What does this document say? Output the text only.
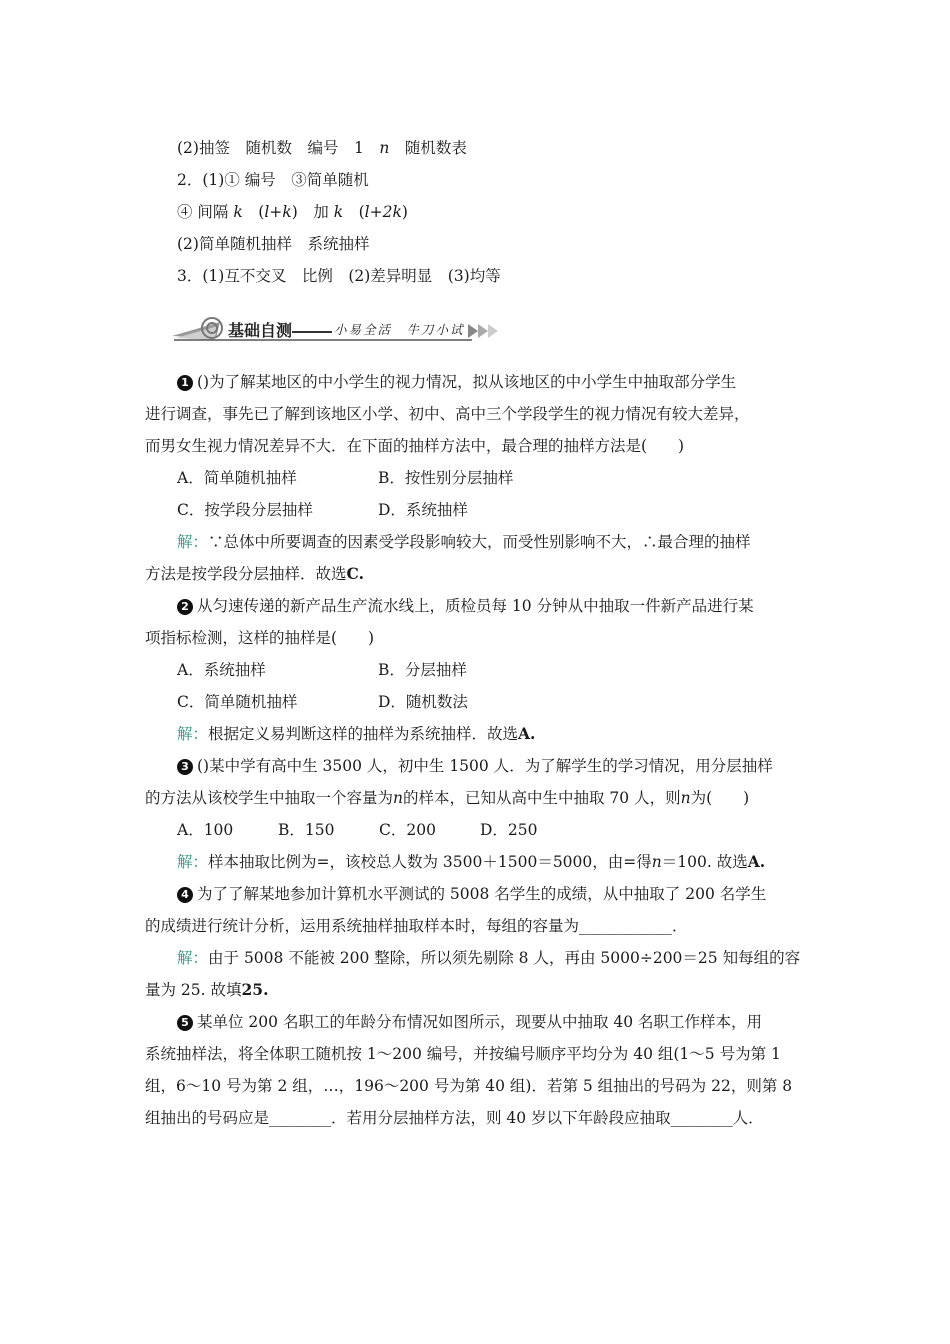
(2)抽签　随机数　编号　1　n　随机数表
2．(1)① 编号　③简单随机
④ 间隔 k　(l+k)　加 k　(l+2k)
(2)简单随机抽样　系统抽样
3．(1)互不交叉　比例　(2)差异明显　(3)均等
基础自测	小易全活　牛刀小试
1 ()为了解某地区的中小学生的视力情况，拟从该地区的中小学生中抽取部分学生
进行调查，事先已了解到该地区小学、初中、高中三个学段学生的视力情况有较大差异，
而男女生视力情况差异不大．在下面的抽样方法中，最合理的抽样方法是(　　)
A．简单随机抽样	B．按性别分层抽样
C．按学段分层抽样	D．系统抽样
解：∵总体中所要调查的因素受学段影响较大，而受性别影响不大，∴最合理的抽样
方法是按学段分层抽样．故选C.
2 从匀速传递的新产品生产流水线上，质检员每 10 分钟从中抽取一件新产品进行某
项指标检测，这样的抽样是(　　)
A．系统抽样	B．分层抽样
C．简单随机抽样	D．随机数法
解：根据定义易判断这样的抽样为系统抽样．故选A.
3 ()某中学有高中生 3500 人，初中生 1500 人．为了解学生的学习情况，用分层抽样
的方法从该校学生中抽取一个容量为n的样本，已知从高中生中抽取 70 人，则n为(　　)
A．100	B．150	C．200	D．250
解：样本抽取比例为=，该校总人数为 3500＋1500＝5000，由=得n＝100. 故选A.
4 为了了解某地参加计算机水平测试的 5008 名学生的成绩，从中抽取了 200 名学生
的成绩进行统计分析，运用系统抽样抽取样本时，每组的容量为____________．
解：由于 5008 不能被 200 整除，所以须先剔除 8 人，再由 5000÷200＝25 知每组的容
量为 25. 故填25.
5 某单位 200 名职工的年龄分布情况如图所示，现要从中抽取 40 名职工作样本，用
系统抽样法，将全体职工随机按 1～200 编号，并按编号顺序平均分为 40 组(1～5 号为第 1
组，6～10 号为第 2 组，…，196～200 号为第 40 组)．若第 5 组抽出的号码为 22，则第 8
组抽出的号码应是________．若用分层抽样方法，则 40 岁以下年龄段应抽取________人．
